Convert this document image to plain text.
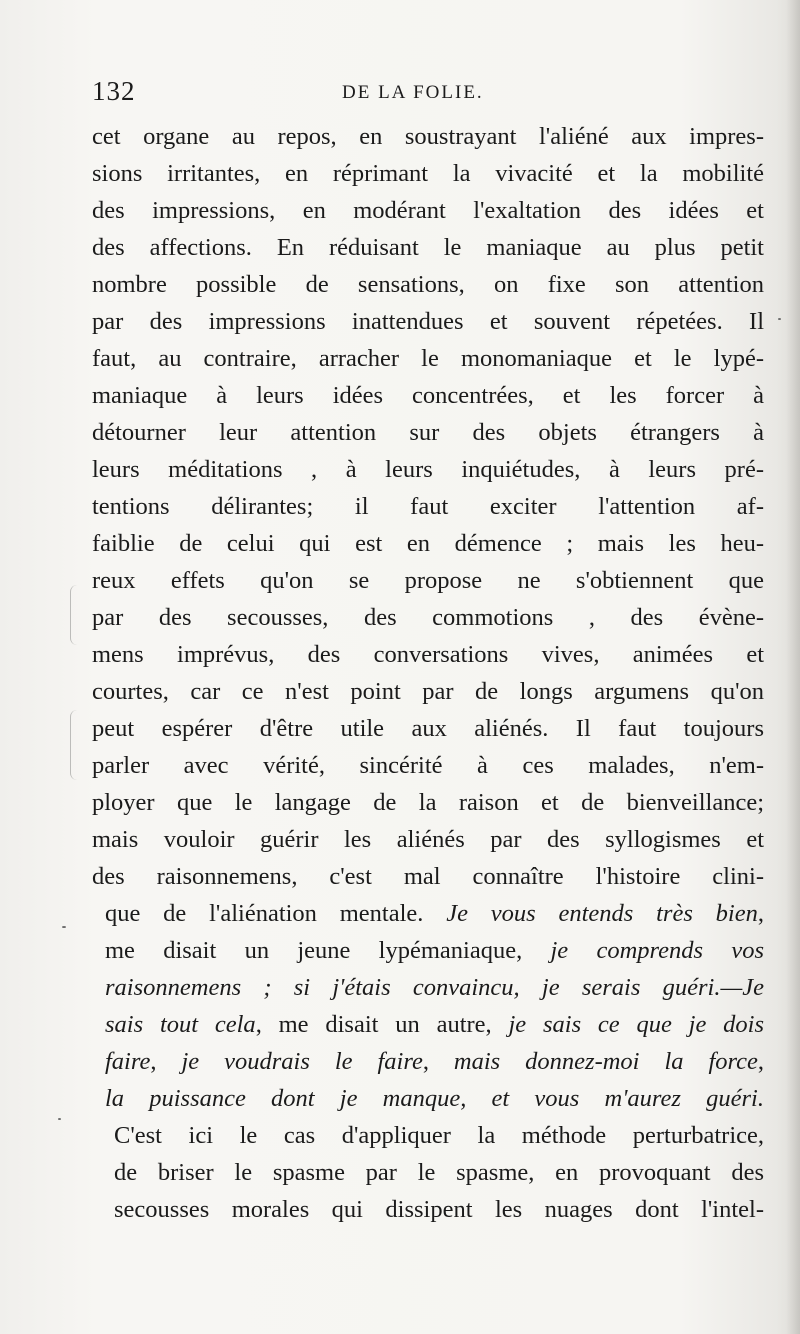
132	DE LA FOLIE.
cet organe au repos, en soustrayant l'aliéné aux impres-
sions irritantes, en réprimant la vivacité et la mobilité
des impressions, en modérant l'exaltation des idées et
des affections. En réduisant le maniaque au plus petit
nombre possible de sensations, on fixe son attention
par des impressions inattendues et souvent répetées. Il
faut, au contraire, arracher le monomaniaque et le lypé-
maniaque à leurs idées concentrées, et les forcer à
détourner leur attention sur des objets étrangers à
leurs méditations , à leurs inquiétudes, à leurs pré-
tentions délirantes; il faut exciter l'attention af-
faiblie de celui qui est en démence ; mais les heu-
reux effets qu'on se propose ne s'obtiennent que
par des secousses, des commotions , des évène-
mens imprévus, des conversations vives, animées et
courtes, car ce n'est point par de longs argumens qu'on
peut espérer d'être utile aux aliénés. Il faut toujours
parler avec vérité, sincérité à ces malades, n'em-
ployer que le langage de la raison et de bienveillance;
mais vouloir guérir les aliénés par des syllogismes et
des raisonnemens, c'est mal connaître l'histoire clini-
que de l'aliénation mentale. Je vous entends très bien,
me disait un jeune lypémaniaque, je comprends vos
raisonnemens ; si j'étais convaincu, je serais guéri.—Je
sais tout cela, me disait un autre, je sais ce que je dois
faire, je voudrais le faire, mais donnez-moi la force,
la puissance dont je manque, et vous m'aurez guéri.
C'est ici le cas d'appliquer la méthode perturbatrice,
de briser le spasme par le spasme, en provoquant des
secousses morales qui dissipent les nuages dont l'intel-
